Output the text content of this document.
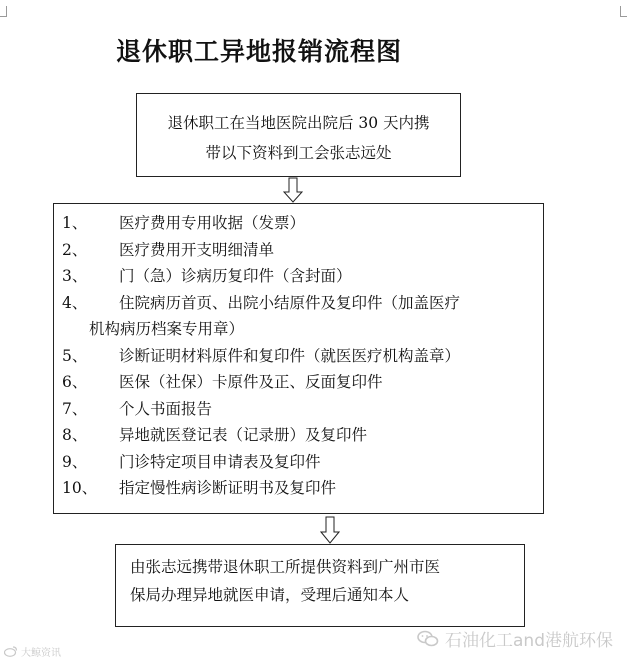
退休职工异地报销流程图
退休职工在当地医院出院后 30 天内携
带以下资料到工会张志远处
1、	医疗费用专用收据（发票）
2、	医疗费用开支明细清单
3、	门（急）诊病历复印件（含封面）
4、	住院病历首页、出院小结原件及复印件（加盖医疗
机构病历档案专用章）
5、	诊断证明材料原件和复印件（就医医疗机构盖章）
6、	医保（社保）卡原件及正、反面复印件
7、	个人书面报告
8、	异地就医登记表（记录册）及复印件
9、	门诊特定项目申请表及复印件
10、	指定慢性病诊断证明书及复印件
由张志远携带退休职工所提供资料到广州市医
保局办理异地就医申请，受理后通知本人
石油化工and港航环保
大鲸资讯
